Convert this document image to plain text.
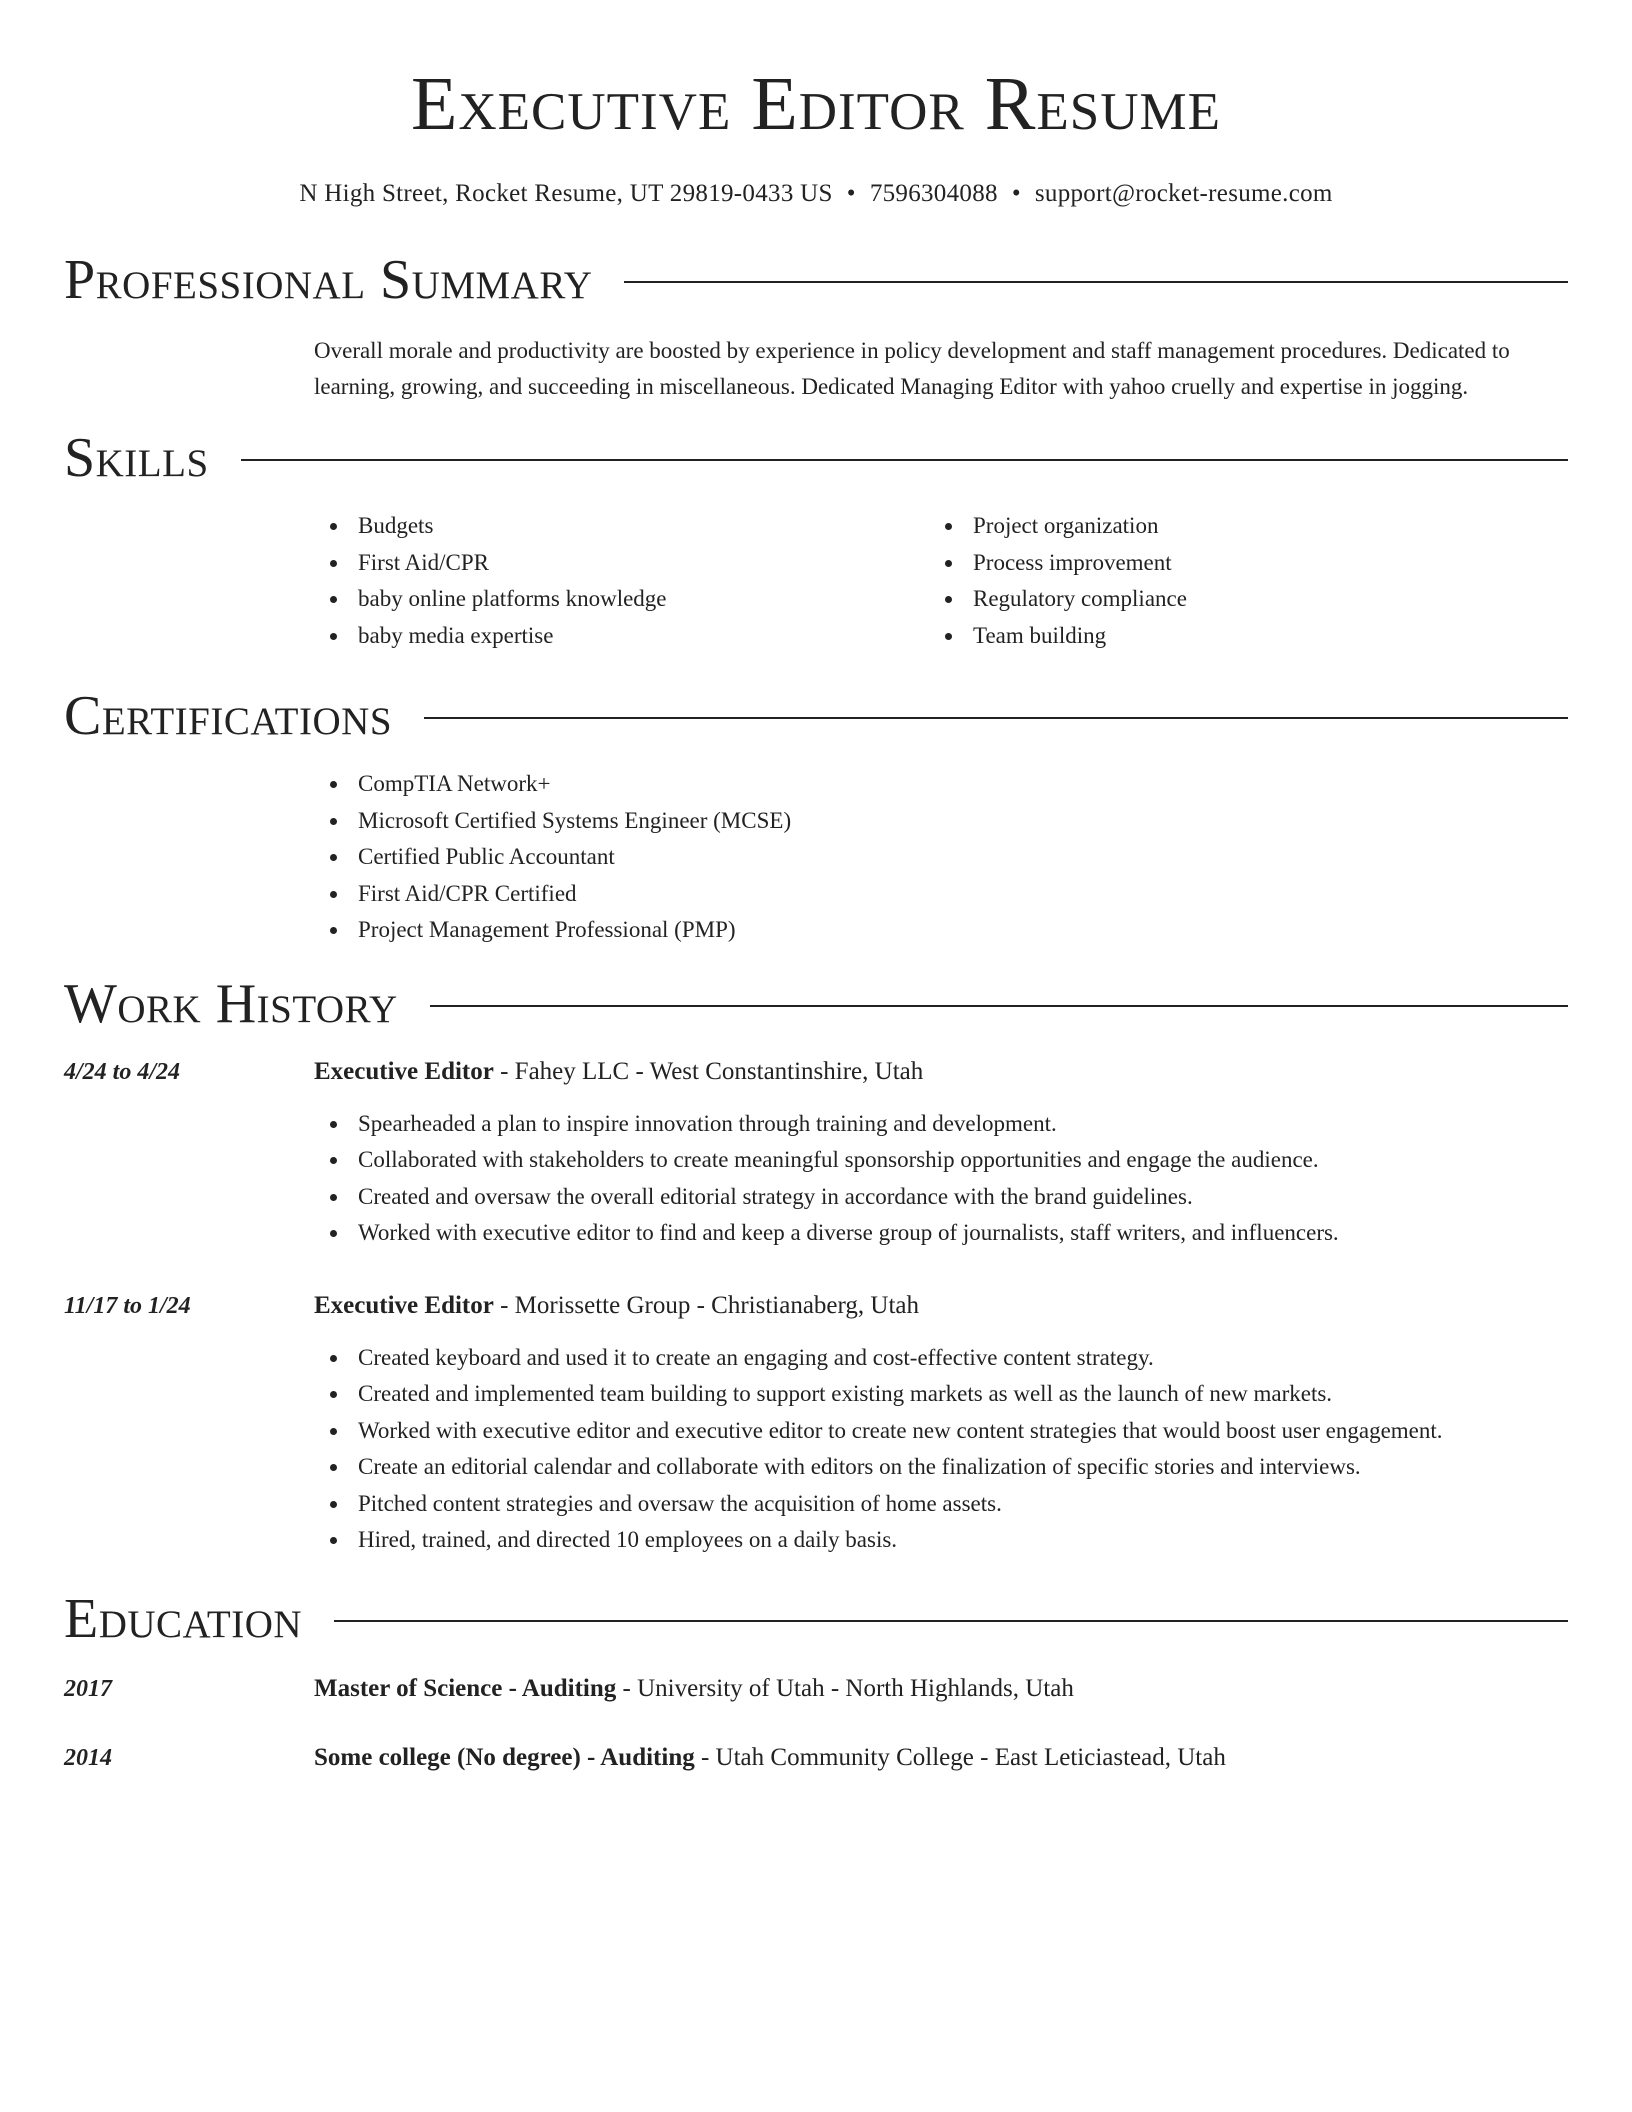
Executive Editor Resume
N High Street, Rocket Resume, UT 29819-0433 US • 7596304088 • support@rocket-resume.com
Professional Summary

Overall morale and productivity are boosted by experience in policy development and staff management procedures. Dedicated to learning, growing, and succeeding in miscellaneous. Dedicated Managing Editor with yahoo cruelly and expertise in jogging.

Skills
Budgets
First Aid/CPR
baby online platforms knowledge
baby media expertise
Project organization
Process improvement
Regulatory compliance
Team building
Certifications
CompTIA Network+
Microsoft Certified Systems Engineer (MCSE)
Certified Public Accountant
First Aid/CPR Certified
Project Management Professional (PMP)
Work History
4/24 to 4/24	Executive Editor - Fahey LLC - West Constantinshire, Utah
Spearheaded a plan to inspire innovation through training and development.
Collaborated with stakeholders to create meaningful sponsorship opportunities and engage the audience.
Created and oversaw the overall editorial strategy in accordance with the brand guidelines.
Worked with executive editor to find and keep a diverse group of journalists, staff writers, and influencers.
11/17 to 1/24	Executive Editor - Morissette Group - Christianaberg, Utah
Created keyboard and used it to create an engaging and cost-effective content strategy.
Created and implemented team building to support existing markets as well as the launch of new markets.
Worked with executive editor and executive editor to create new content strategies that would boost user engagement.
Create an editorial calendar and collaborate with editors on the finalization of specific stories and interviews.
Pitched content strategies and oversaw the acquisition of home assets.
Hired, trained, and directed 10 employees on a daily basis.
Education
2017	Master of Science - Auditing - University of Utah - North Highlands, Utah
2014	Some college (No degree) - Auditing - Utah Community College - East Leticiastead, Utah
